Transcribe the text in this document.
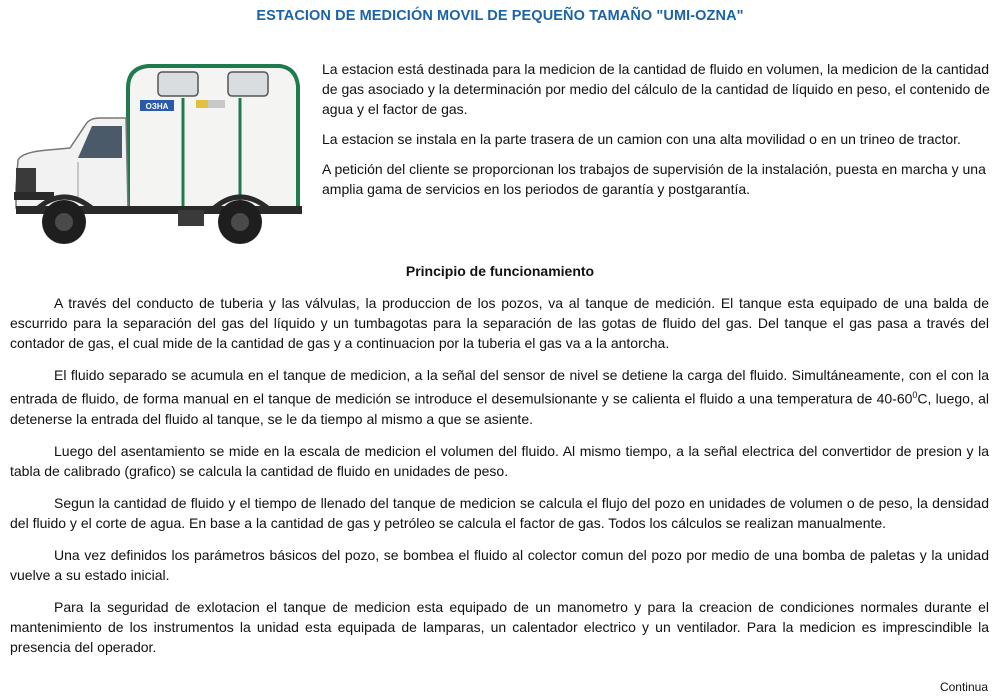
ESTACION DE MEDICIÓN MOVIL DE PEQUEÑO TAMAÑO "UMI-OZNA"
ОЗНА

La estacion está destinada para la medicion de la cantidad de fluido en volumen, la medicion de la cantidad de gas asociado y la determinación por medio del cálculo de la cantidad de líquido en peso, el contenido de agua y el factor de gas.

La estacion se instala en la parte trasera de un camion con una alta movilidad o en un trineo de tractor.

A petición del cliente se proporcionan los trabajos de supervisión de la instalación, puesta en marcha y una amplia gama de servicios en los periodos de garantía y postgarantía.

Principio de funcionamiento

A través del conducto de tuberia y las válvulas, la produccion de los pozos, va al tanque de medición. El tanque esta equipado de una balda de escurrido para la separación del gas del líquido y un tumbagotas para la separación de las gotas de fluido del gas. Del tanque el gas pasa a través del contador de gas, el cual mide de la cantidad de gas y a continuacion por la tuberia el gas va a la antorcha.

El fluido separado se acumula en el tanque de medicion, a la señal del sensor de nivel se detiene la carga del fluido. Simultáneamente, con el con la entrada de fluido, de forma manual en el tanque de medición se introduce el desemulsionante y se calienta el fluido a una temperatura de $40-60^0C$, luego, al detenerse la entrada del fluido al tanque, se le da tiempo al mismo a que se asiente.

Luego del asentamiento se mide en la escala de medicion el volumen del fluido. Al mismo tiempo, a la señal electrica del convertidor de presion y la tabla de calibrado (grafico) se calcula la cantidad de fluido en unidades de peso.

Segun la cantidad de fluido y el tiempo de llenado del tanque de medicion se calcula el flujo del pozo en unidades de volumen o de peso, la densidad del fluido y el corte de agua. En base a la cantidad de gas y petróleo se calcula el factor de gas. Todos los cálculos se realizan manualmente.

Una vez definidos los parámetros básicos del pozo, se bombea el fluido al colector comun del pozo por medio de una bomba de paletas y la unidad vuelve a su estado inicial.

Para la seguridad de exlotacion el tanque de medicion esta equipado de un manometro y para la creacion de condiciones normales durante el mantenimiento de los instrumentos la unidad esta equipada de lamparas, un calentador electrico y un ventilador. Para la medicion es imprescindible la presencia del operador.

Continua
